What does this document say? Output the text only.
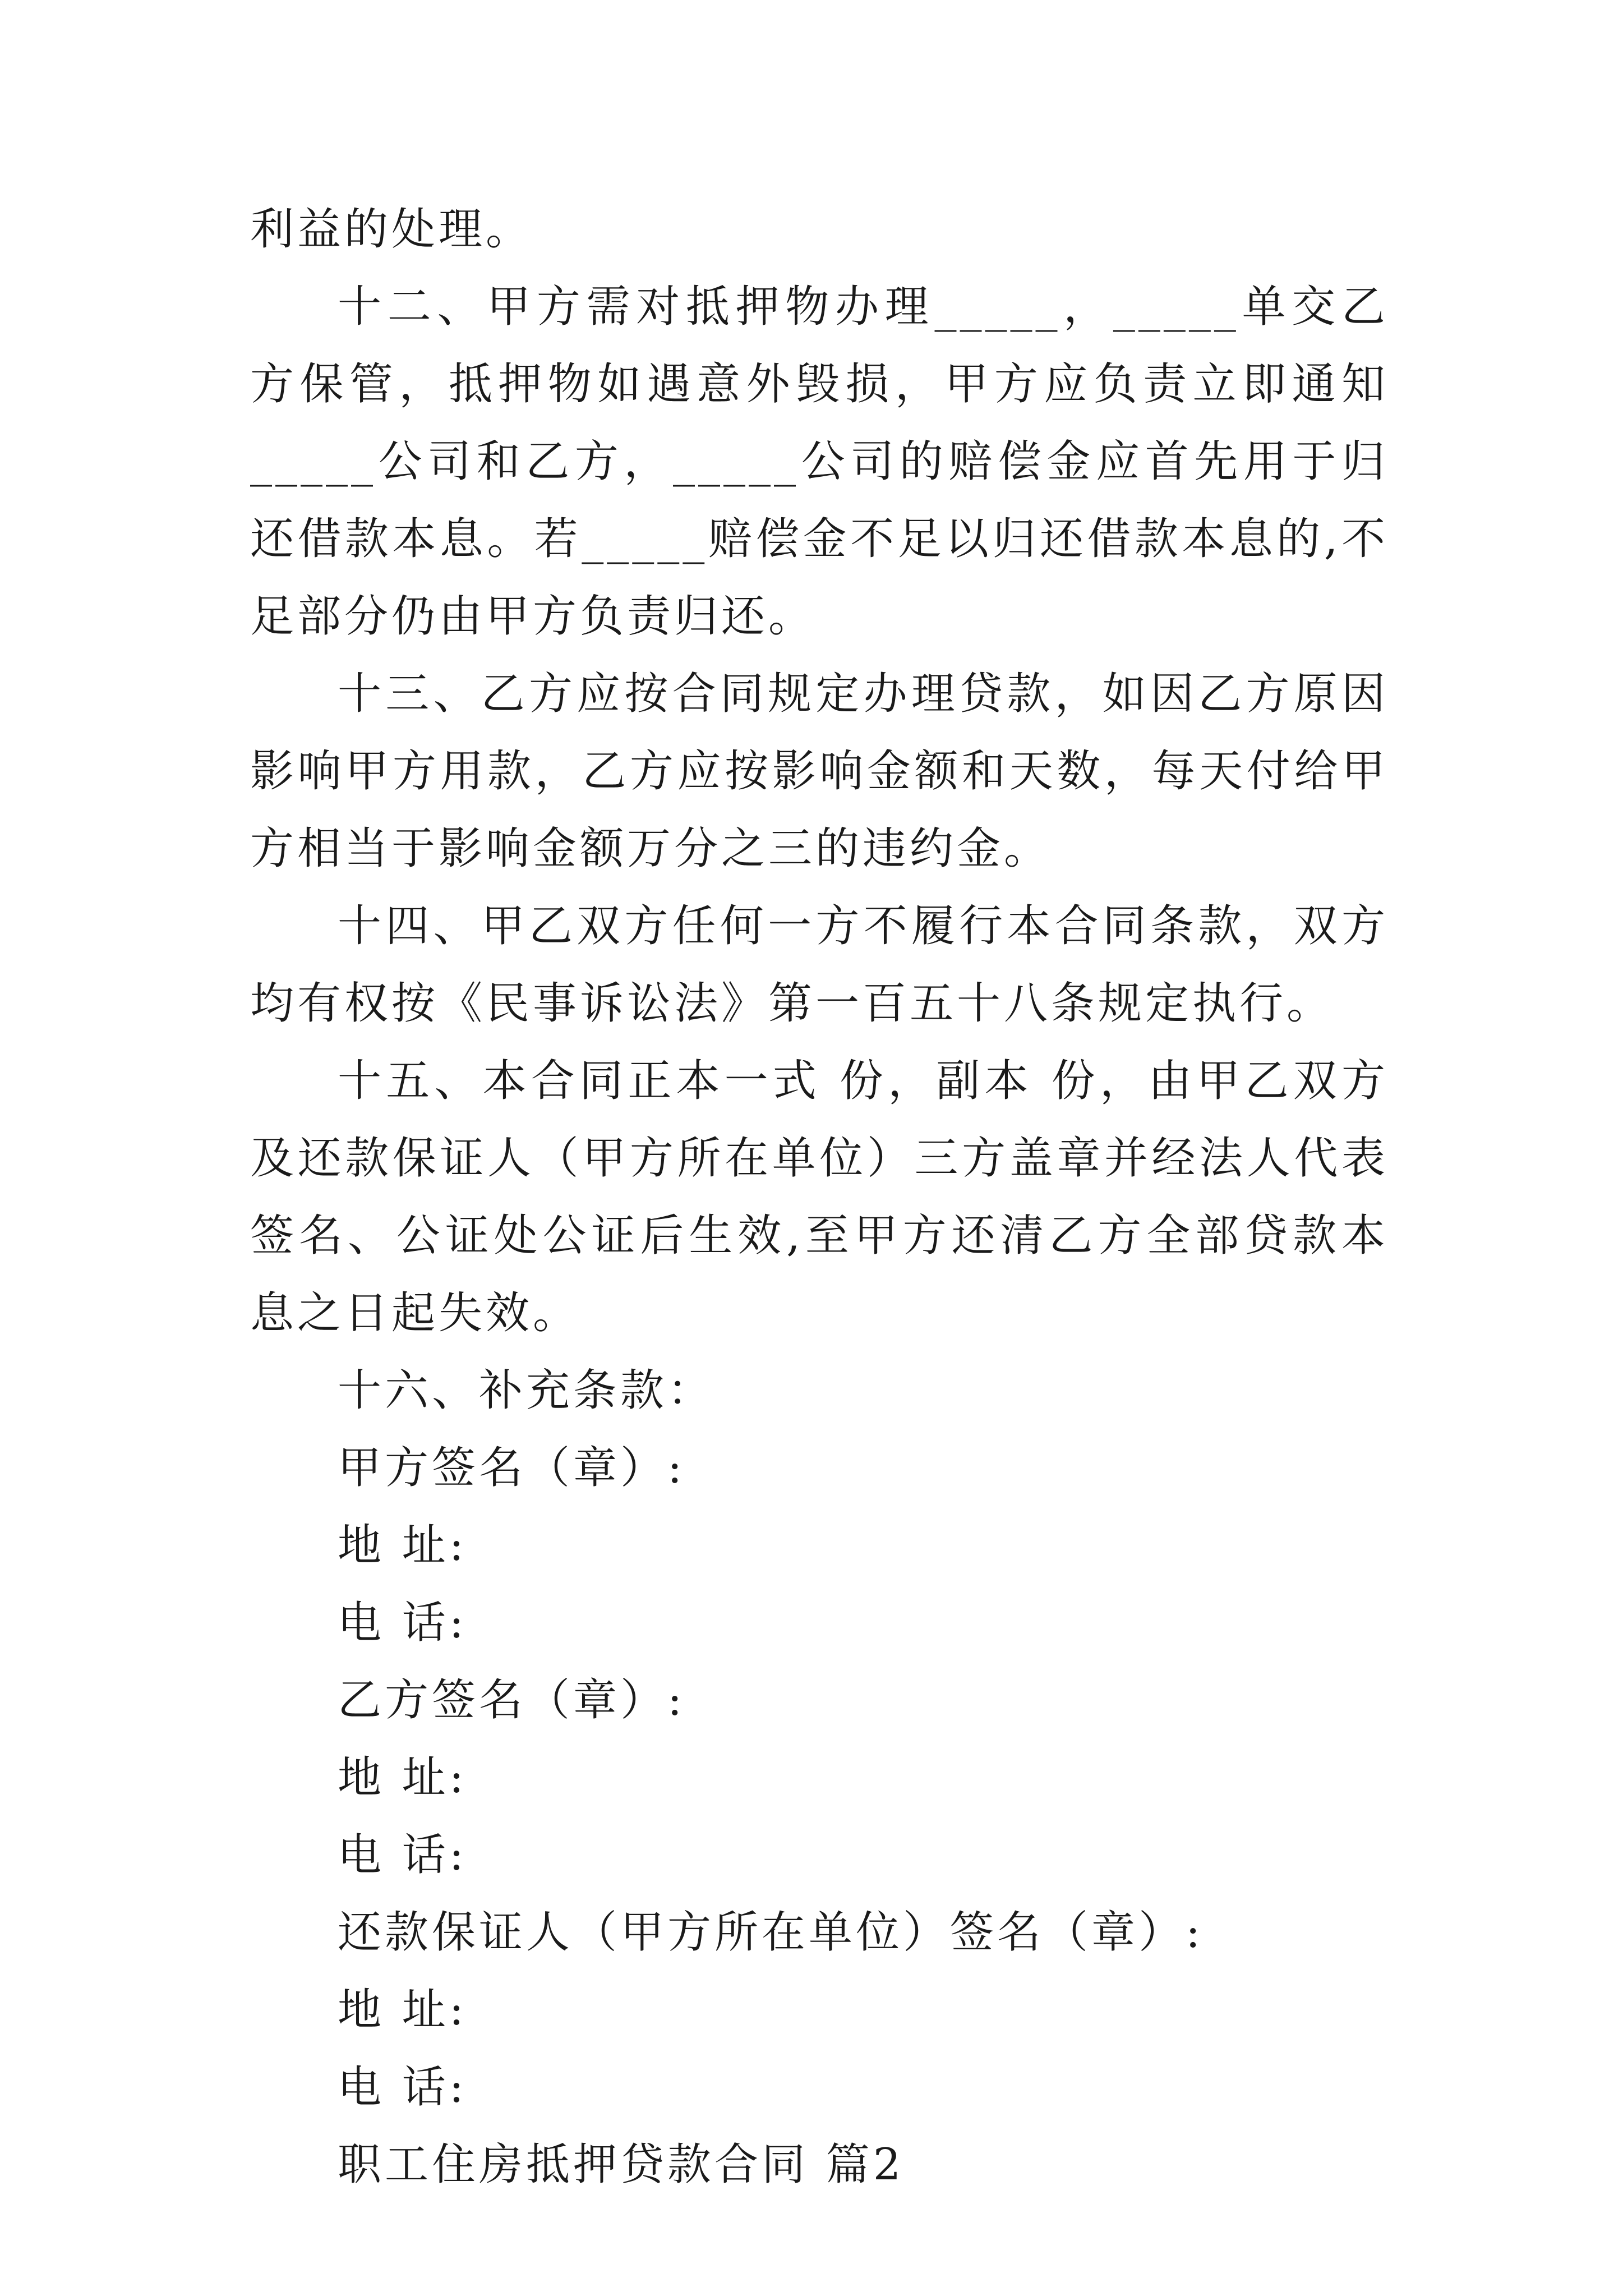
利益的处理。

十二、甲方需对抵押物办理_____，_____单交乙方保管，抵押物如遇意外毁损，甲方应负责立即通知_____公司和乙方，_____公司的赔偿金应首先用于归还借款本息。若_____赔偿金不足以归还借款本息的,不足部分仍由甲方负责归还。

十三、乙方应按合同规定办理贷款，如因乙方原因影响甲方用款，乙方应按影响金额和天数，每天付给甲方相当于影响金额万分之三的违约金。

十四、甲乙双方任何一方不履行本合同条款，双方均有权按《民事诉讼法》第一百五十八条规定执行。

十五、本合同正本一式 份，副本 份，由甲乙双方及还款保证人（甲方所在单位）三方盖章并经法人代表签名、公证处公证后生效,至甲方还清乙方全部贷款本息之日起失效。

十六、补充条款：

甲方签名（章）:

地 址:

电 话:

乙方签名（章）:

地 址:

电 话:

还款保证人（甲方所在单位）签名（章）:

地 址:

电 话:

职工住房抵押贷款合同 篇2
